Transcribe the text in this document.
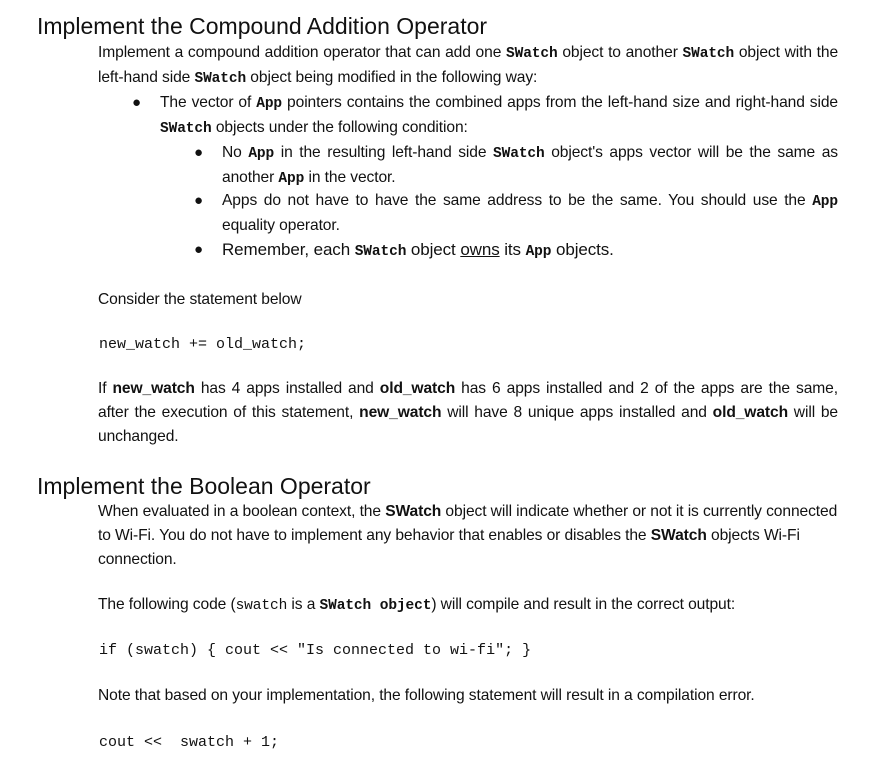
Implement the Compound Addition Operator

Implement a compound addition operator that can add one SWatch object to another SWatch object with the left-hand side SWatch object being modified in the following way:

● The vector of App pointers contains the combined apps from the left-hand size and right-hand side SWatch objects under the following condition:

● No App in the resulting left-hand side SWatch object's apps vector will be the same as another App in the vector.

● Apps do not have to have the same address to be the same. You should use the App equality operator.

● Remember, each SWatch object owns its App objects.

Consider the statement below

new_watch += old_watch;

If new_watch has 4 apps installed and old_watch has 6 apps installed and 2 of the apps are the same, after the execution of this statement, new_watch will have 8 unique apps installed and old_watch will be unchanged.

Implement the Boolean Operator

When evaluated in a boolean context, the SWatch object will indicate whether or not it is currently connected to Wi-Fi. You do not have to implement any behavior that enables or disables the SWatch objects Wi-Fi connection.

The following code (swatch is a SWatch object) will compile and result in the correct output:

if (swatch) { cout << "Is connected to wi-fi"; }

Note that based on your implementation, the following statement will result in a compilation error.

cout <<  swatch + 1;
